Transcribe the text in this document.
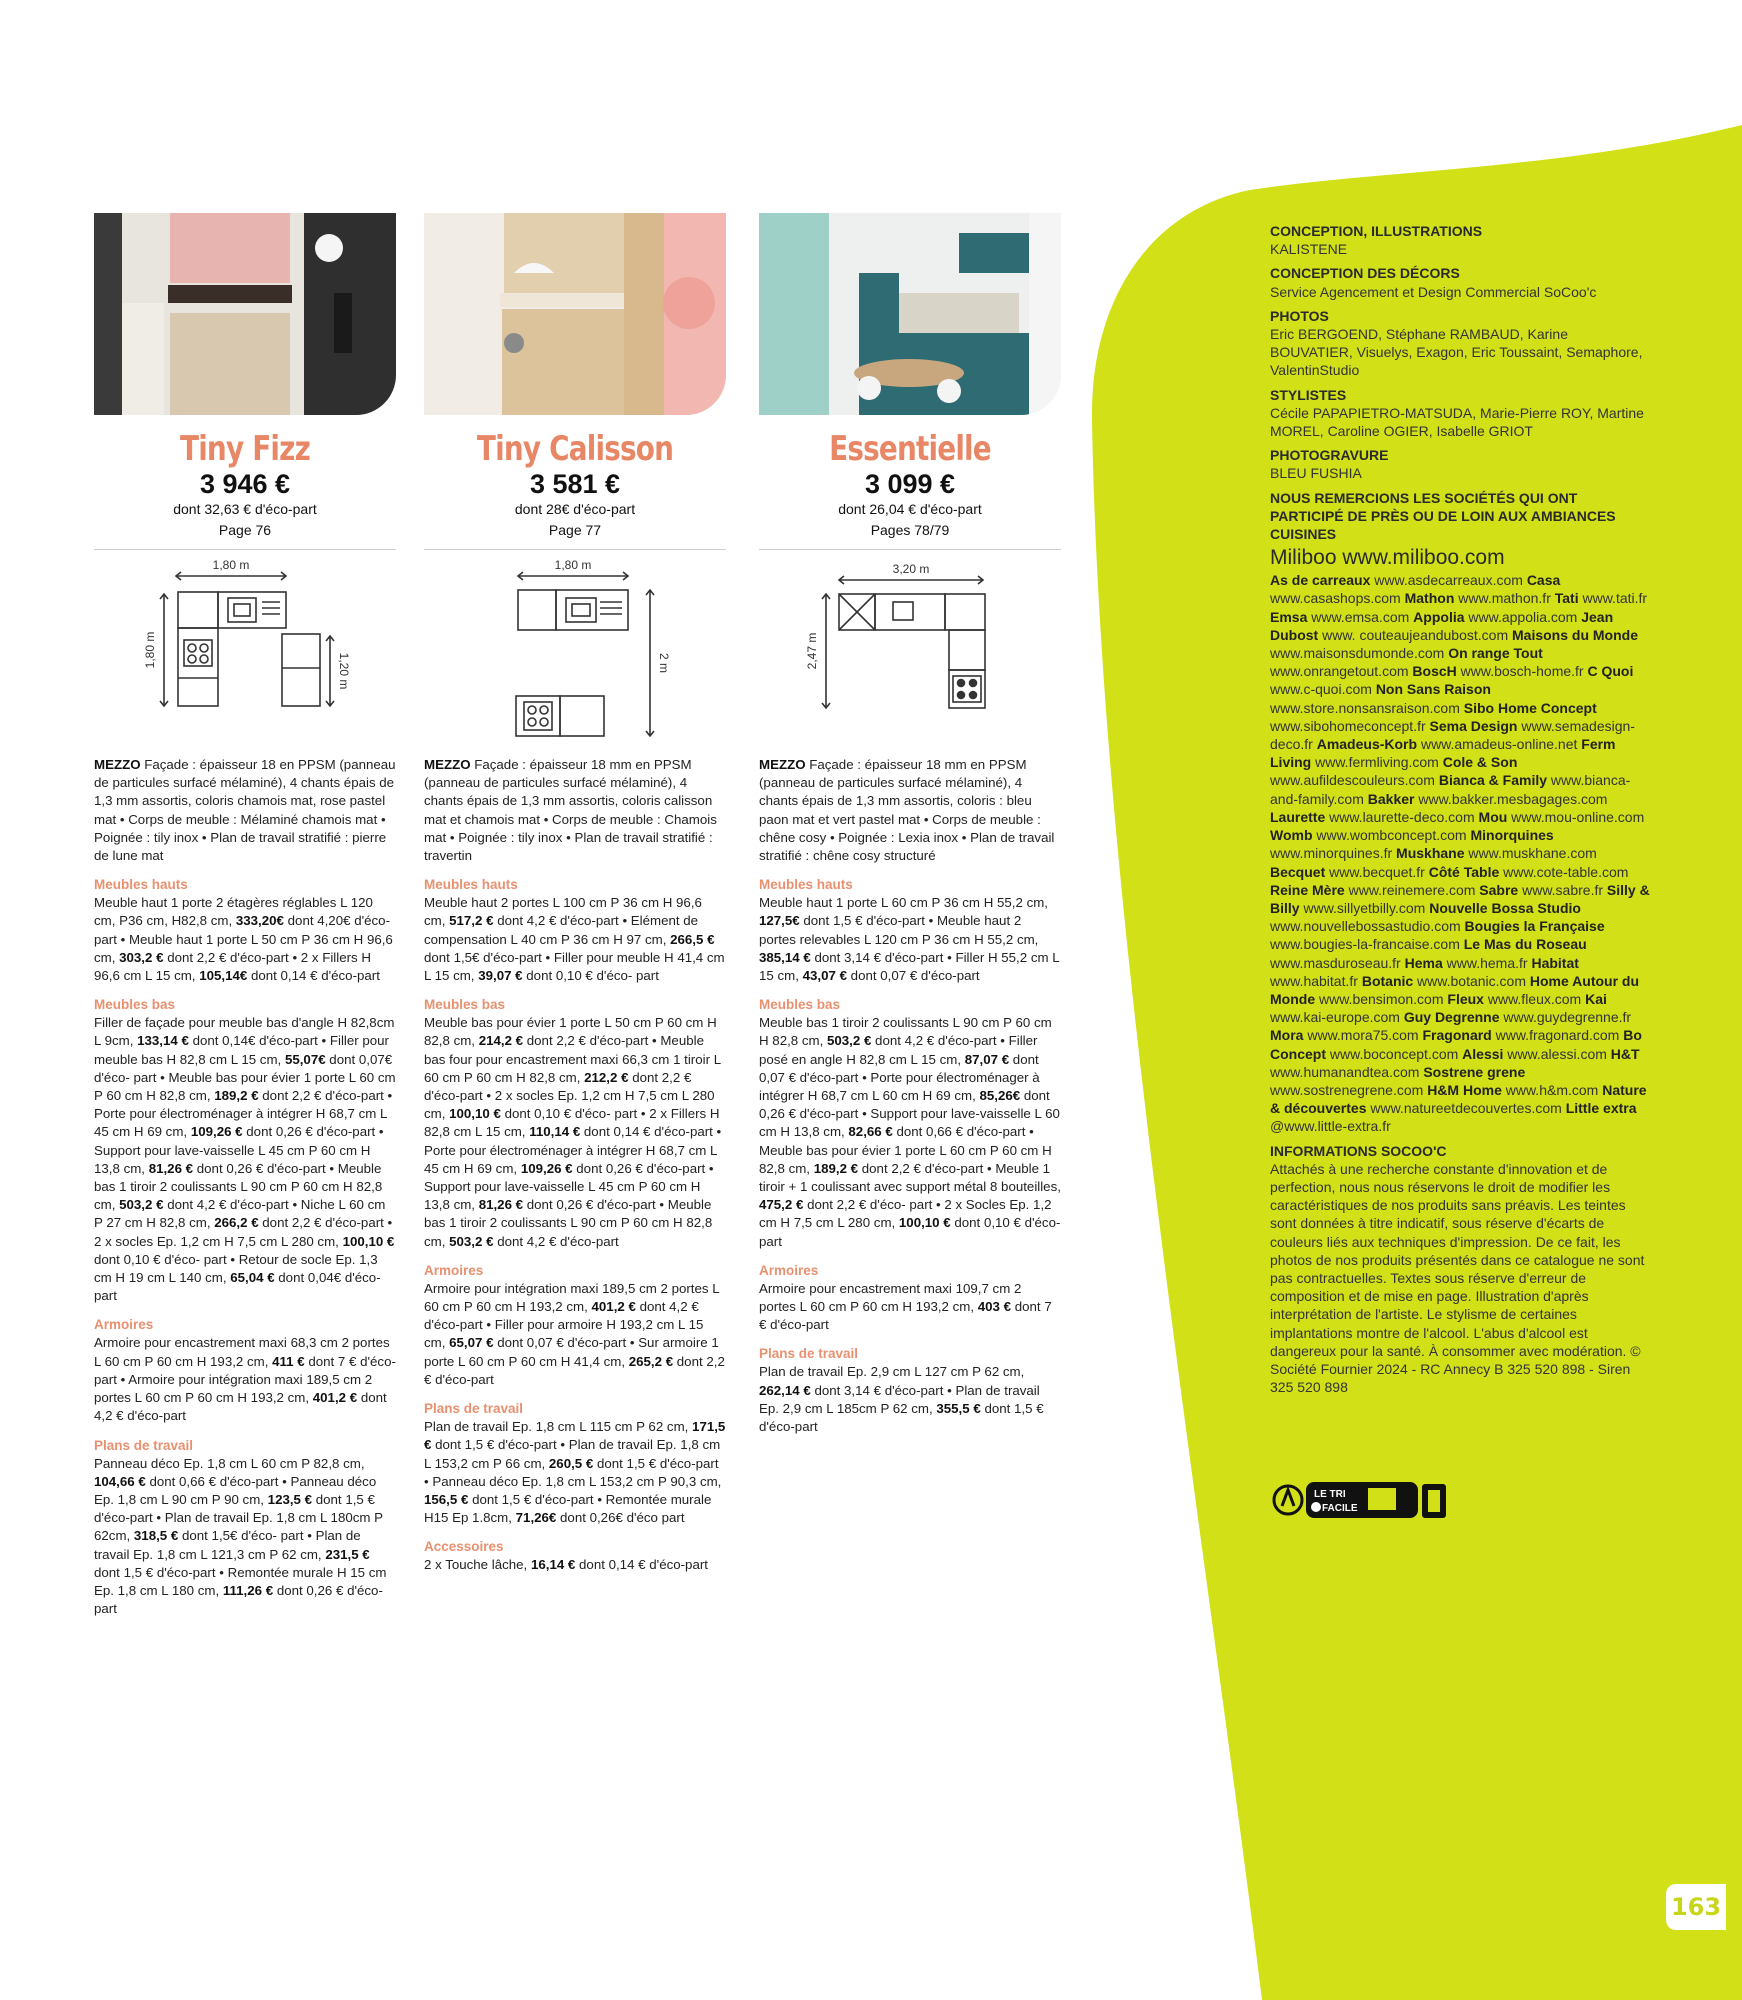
Tiny Fizz
3 946 €
dont 32,63 € d'éco-part
Page 76
1,80 m
1,80 m
1,20 m
MEZZO Façade : épaisseur 18 en PPSM (panneau de particules surfacé mélaminé), 4 chants épais de 1,3 mm assortis, coloris chamois mat, rose pastel mat • Corps de meuble : Mélaminé chamois mat • Poignée : tily inox • Plan de travail stratifié : pierre de lune mat
Meubles hauts
Meuble haut 1 porte 2 étagères réglables L 120 cm, P36 cm, H82,8 cm, 333,20€ dont 4,20€ d'éco-part • Meuble haut 1 porte L 50 cm P 36 cm H 96,6 cm, 303,2 € dont 2,2 € d'éco-part • 2 x Fillers H 96,6 cm L 15 cm, 105,14€ dont 0,14 € d'éco-part
Meubles bas
Filler de façade pour meuble bas d'angle H 82,8cm L 9cm, 133,14 € dont 0,14€ d'éco-part • Filler pour meuble bas H 82,8 cm L 15 cm, 55,07€ dont 0,07€ d'éco- part • Meuble bas pour évier 1 porte L 60 cm P 60 cm H 82,8 cm, 189,2 € dont 2,2 € d'éco-part • Porte pour électroménager à intégrer H 68,7 cm L 45 cm H 69 cm, 109,26 € dont 0,26 € d'éco-part • Support pour lave-vaisselle L 45 cm P 60 cm H 13,8 cm, 81,26 € dont 0,26 € d'éco-part • Meuble bas 1 tiroir 2 coulissants L 90 cm P 60 cm H 82,8 cm, 503,2 € dont 4,2 € d'éco-part • Niche L 60 cm P 27 cm H 82,8 cm, 266,2 € dont 2,2 € d'éco-part • 2 x socles Ep. 1,2 cm H 7,5 cm L 280 cm, 100,10 € dont 0,10 € d'éco- part • Retour de socle Ep. 1,3 cm H 19 cm L 140 cm, 65,04 € dont 0,04€ d'éco-part
Armoires
Armoire pour encastrement maxi 68,3 cm 2 portes L 60 cm P 60 cm H 193,2 cm, 411 € dont 7 € d'éco-part • Armoire pour intégration maxi 189,5 cm 2 portes L 60 cm P 60 cm H 193,2 cm, 401,2 € dont 4,2 € d'éco-part
Plans de travail
Panneau déco Ep. 1,8 cm L 60 cm P 82,8 cm, 104,66 € dont 0,66 € d'éco-part • Panneau déco Ep. 1,8 cm L 90 cm P 90 cm, 123,5 € dont 1,5 € d'éco-part • Plan de travail Ep. 1,8 cm L 180cm P 62cm, 318,5 € dont 1,5€ d'éco- part • Plan de travail Ep. 1,8 cm L 121,3 cm P 62 cm, 231,5 € dont 1,5 € d'éco-part • Remontée murale H 15 cm Ep. 1,8 cm L 180 cm, 111,26 € dont 0,26 € d'éco-part
Tiny Calisson
3 581 €
dont 28€ d'éco-part
Page 77
1,80 m
2 m
MEZZO Façade : épaisseur 18 mm en PPSM (panneau de particules surfacé mélaminé), 4 chants épais de 1,3 mm assortis, coloris calisson mat et chamois mat • Corps de meuble : Chamois mat • Poignée : tily inox • Plan de travail stratifié : travertin
Meubles hauts
Meuble haut 2 portes L 100 cm P 36 cm H 96,6 cm, 517,2 € dont 4,2 € d'éco-part • Elément de compensation L 40 cm P 36 cm H 97 cm, 266,5 € dont 1,5€ d'éco-part • Filler pour meuble H 41,4 cm L 15 cm, 39,07 € dont 0,10 € d'éco- part
Meubles bas
Meuble bas pour évier 1 porte L 50 cm P 60 cm H 82,8 cm, 214,2 € dont 2,2 € d'éco-part • Meuble bas four pour encastrement maxi 66,3 cm 1 tiroir L 60 cm P 60 cm H 82,8 cm, 212,2 € dont 2,2 € d'éco-part • 2 x socles Ep. 1,2 cm H 7,5 cm L 280 cm, 100,10 € dont 0,10 € d'éco- part • 2 x Fillers H 82,8 cm L 15 cm, 110,14 € dont 0,14 € d'éco-part • Porte pour électroménager à intégrer H 68,7 cm L 45 cm H 69 cm, 109,26 € dont 0,26 € d'éco-part • Support pour lave-vaisselle L 45 cm P 60 cm H 13,8 cm, 81,26 € dont 0,26 € d'éco-part • Meuble bas 1 tiroir 2 coulissants L 90 cm P 60 cm H 82,8 cm, 503,2 € dont 4,2 € d'éco-part
Armoires
Armoire pour intégration maxi 189,5 cm 2 portes L 60 cm P 60 cm H 193,2 cm, 401,2 € dont 4,2 € d'éco-part • Filler pour armoire H 193,2 cm L 15 cm, 65,07 € dont 0,07 € d'éco-part • Sur armoire 1 porte L 60 cm P 60 cm H 41,4 cm, 265,2 € dont 2,2 € d'éco-part
Plans de travail
Plan de travail Ep. 1,8 cm L 115 cm P 62 cm, 171,5 € dont 1,5 € d'éco-part • Plan de travail Ep. 1,8 cm L 153,2 cm P 66 cm, 260,5 € dont 1,5 € d'éco-part • Panneau déco Ep. 1,8 cm L 153,2 cm P 90,3 cm, 156,5 € dont 1,5 € d'éco-part • Remontée murale H15 Ep 1.8cm, 71,26€ dont 0,26€ d'éco part
Accessoires
2 x Touche lâche, 16,14 € dont 0,14 € d'éco-part
Essentielle
3 099 €
dont 26,04 € d'éco-part
Pages 78/79
3,20 m
2,47 m
MEZZO Façade : épaisseur 18 mm en PPSM (panneau de particules surfacé mélaminé), 4 chants épais de 1,3 mm assortis, coloris : bleu paon mat et vert pastel mat • Corps de meuble : chêne cosy • Poignée : Lexia inox • Plan de travail stratifié : chêne cosy structuré
Meubles hauts
Meuble haut 1 porte L 60 cm P 36 cm H 55,2 cm, 127,5€ dont 1,5 € d'éco-part • Meuble haut 2 portes relevables L 120 cm P 36 cm H 55,2 cm, 385,14 € dont 3,14 € d'éco-part • Filler H 55,2 cm L 15 cm, 43,07 € dont 0,07 € d'éco-part
Meubles bas
Meuble bas 1 tiroir 2 coulissants L 90 cm P 60 cm H 82,8 cm, 503,2 € dont 4,2 € d'éco-part • Filler posé en angle H 82,8 cm L 15 cm, 87,07 € dont 0,07 € d'éco-part • Porte pour électroménager à intégrer H 68,7 cm L 60 cm H 69 cm, 85,26€ dont 0,26 € d'éco-part • Support pour lave-vaisselle L 60 cm H 13,8 cm, 82,66 € dont 0,66 € d'éco-part • Meuble bas pour évier 1 porte L 60 cm P 60 cm H 82,8 cm, 189,2 € dont 2,2 € d'éco-part • Meuble 1 tiroir + 1 coulissant avec support métal 8 bouteilles, 475,2 € dont 2,2 € d'éco- part • 2 x Socles Ep. 1,2 cm H 7,5 cm L 280 cm, 100,10 € dont 0,10 € d'éco-part
Armoires
Armoire pour encastrement maxi 109,7 cm 2 portes L 60 cm P 60 cm H 193,2 cm, 403 € dont 7 € d'éco-part
Plans de travail
Plan de travail Ep. 2,9 cm L 127 cm P 62 cm, 262,14 € dont 3,14 € d'éco-part • Plan de travail Ep. 2,9 cm L 185cm P 62 cm, 355,5 € dont 1,5 € d'éco-part
CONCEPTION, ILLUSTRATIONS
KALISTENE
CONCEPTION DES DÉCORS
Service Agencement et Design Commercial SoCoo'c
PHOTOS
Eric BERGOEND, Stéphane RAMBAUD, Karine BOUVATIER, Visuelys, Exagon, Eric Toussaint, Semaphore, ValentinStudio
STYLISTES
Cécile PAPAPIETRO-MATSUDA, Marie-Pierre ROY, Martine MOREL, Caroline OGIER, Isabelle GRIOT
PHOTOGRAVURE
BLEU FUSHIA
NOUS REMERCIONS LES SOCIÉTÉS QUI ONT PARTICIPÉ DE PRÈS OU DE LOIN AUX AMBIANCES CUISINES
Miliboo www.miliboo.com
As de carreaux www.asdecarreaux.com Casa www.casashops.com Mathon www.mathon.fr Tati www.tati.fr Emsa www.emsa.com Appolia www.appolia.com Jean Dubost www. couteaujeandubost.com Maisons du Monde www.maisonsdumonde.com On range Tout www.onrangetout.com BoscH www.bosch-home.fr C Quoi www.c-quoi.com Non Sans Raison www.store.nonsansraison.com Sibo Home Concept www.sibohomeconcept.fr Sema Design www.semadesign-deco.fr Amadeus-Korb www.amadeus-online.net Ferm Living www.fermliving.com Cole & Son www.aufildescouleurs.com Bianca & Family www.bianca-and-family.com Bakker www.bakker.mesbagages.com Laurette www.laurette-deco.com Mou www.mou-online.com Womb www.wombconcept.com Minorquines www.minorquines.fr Muskhane www.muskhane.com Becquet www.becquet.fr Côté Table www.cote-table.com Reine Mère www.reinemere.com Sabre www.sabre.fr Silly & Billy www.sillyetbilly.com Nouvelle Bossa Studio www.nouvellebossastudio.com Bougies la Française www.bougies-la-francaise.com Le Mas du Roseau www.masduroseau.fr Hema www.hema.fr Habitat www.habitat.fr Botanic www.botanic.com Home Autour du Monde www.bensimon.com Fleux www.fleux.com Kai www.kai-europe.com Guy Degrenne www.guydegrenne.fr Mora www.mora75.com Fragonard www.fragonard.com Bo Concept www.boconcept.com Alessi www.alessi.com H&T www.humanandtea.com Sostrene grene www.sostrenegrene.com H&M Home www.h&m.com Nature & découvertes www.natureetdecouvertes.com Little extra @www.little-extra.fr
INFORMATIONS SOCOO'C
Attachés à une recherche constante d'innovation et de perfection, nous nous réservons le droit de modifier les caractéristiques de nos produits sans préavis. Les teintes sont données à titre indicatif, sous réserve d'écarts de couleurs liés aux techniques d'impression. De ce fait, les photos de nos produits présentés dans ce catalogue ne sont pas contractuelles. Textes sous réserve d'erreur de composition et de mise en page. Illustration d'après interprétation de l'artiste. Le stylisme de certaines implantations montre de l'alcool. L'abus d'alcool est dangereux pour la santé. À consommer avec modération. © Société Fournier 2024 - RC Annecy B 325 520 898 - Siren 325 520 898
LE TRI
FACILE
163
